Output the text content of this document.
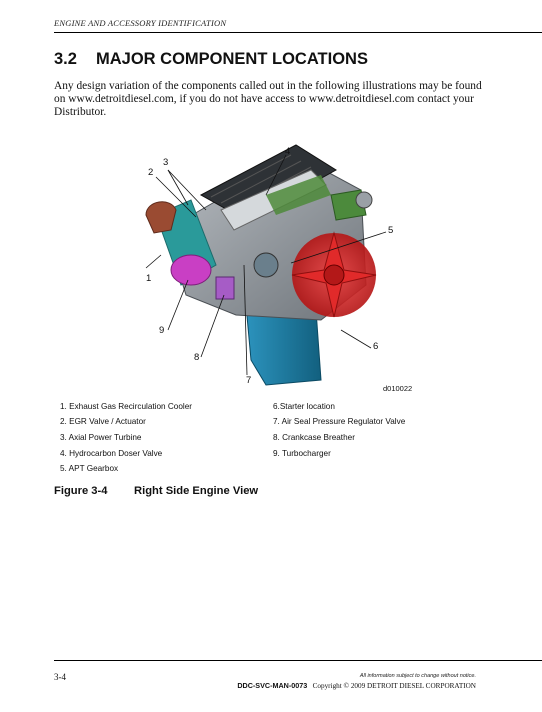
ENGINE AND ACCESSORY IDENTIFICATION
3.2 MAJOR COMPONENT LOCATIONS
Any design variation of the components called out in the following illustrations may be found on www.detroitdiesel.com, if you do not have access to www.detroitdiesel.com contact your Distributor.
1
2
3
4
5
6
7
8
9
d010022
1. Exhaust Gas Recirculation Cooler
2. EGR Valve / Actuator
3. Axial Power Turbine
4. Hydrocarbon Doser Valve
5. APT Gearbox
6.Starter location
7. Air Seal Pressure Regulator Valve
8. Crankcase Breather
9. Turbocharger
Figure 3-4 Right Side Engine View
3-4	All information subject to change without notice.
DDC-SVC-MAN-0073 Copyright © 2009 DETROIT DIESEL CORPORATION
